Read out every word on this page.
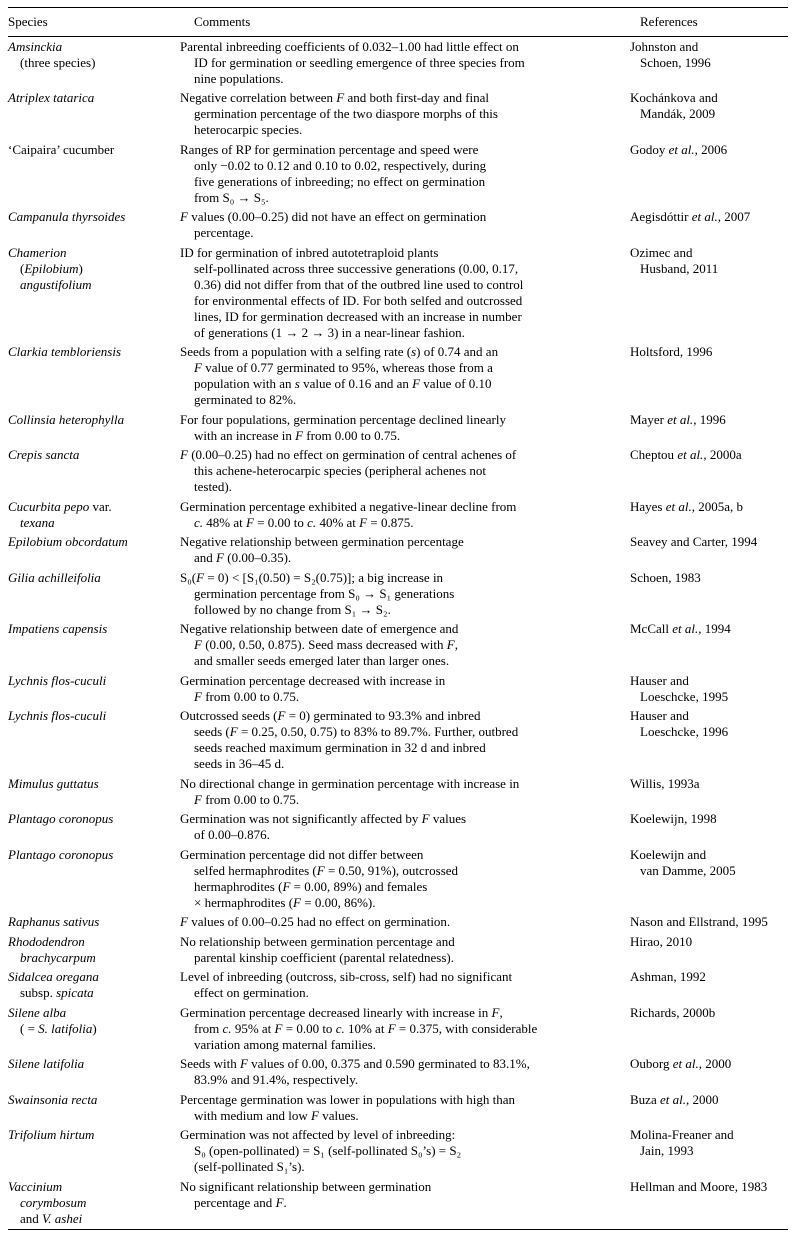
Species	Comments	References
Amsinckia
(three species)	Parental inbreeding coefficients of 0.032–1.00 had little effect on
ID for germination or seedling emergence of three species from
nine populations.	Johnston and
Schoen, 1996
Atriplex tatarica	Negative correlation between F and both first-day and final
germination percentage of the two diaspore morphs of this
heterocarpic species.	Kochánkova and
Mandák, 2009
‘Caipaira’ cucumber	Ranges of RP for germination percentage and speed were
only −0.02 to 0.12 and 0.10 to 0.02, respectively, during
five generations of inbreeding; no effect on germination
from S₀ → S₅.	Godoy et al., 2006
Campanula thyrsoides	F values (0.00–0.25) did not have an effect on germination
percentage.	Aegisdóttir et al., 2007
Chamerion
(Epilobium)
angustifolium	ID for germination of inbred autotetraploid plants
self-pollinated across three successive generations (0.00, 0.17,
0.36) did not differ from that of the outbred line used to control
for environmental effects of ID. For both selfed and outcrossed
lines, ID for germination decreased with an increase in number
of generations (1 → 2 → 3) in a near-linear fashion.	Ozimec and
Husband, 2011
Clarkia tembloriensis	Seeds from a population with a selfing rate (s) of 0.74 and an
F value of 0.77 germinated to 95%, whereas those from a
population with an s value of 0.16 and an F value of 0.10
germinated to 82%.	Holtsford, 1996
Collinsia heterophylla	For four populations, germination percentage declined linearly
with an increase in F from 0.00 to 0.75.	Mayer et al., 1996
Crepis sancta	F (0.00–0.25) had no effect on germination of central achenes of
this achene-heterocarpic species (peripheral achenes not
tested).	Cheptou et al., 2000a
Cucurbita pepo var.
texana	Germination percentage exhibited a negative-linear decline from
c. 48% at F = 0.00 to c. 40% at F = 0.875.	Hayes et al., 2005a, b
Epilobium obcordatum	Negative relationship between germination percentage
and F (0.00–0.35).	Seavey and Carter, 1994
Gilia achilleifolia	S₀(F = 0) < [S₁(0.50) = S₂(0.75)]; a big increase in
germination percentage from S₀ → S₁ generations
followed by no change from S₁ → S₂.	Schoen, 1983
Impatiens capensis	Negative relationship between date of emergence and
F (0.00, 0.50, 0.875). Seed mass decreased with F,
and smaller seeds emerged later than larger ones.	McCall et al., 1994
Lychnis flos-cuculi	Germination percentage decreased with increase in
F from 0.00 to 0.75.	Hauser and
Loeschcke, 1995
Lychnis flos-cuculi	Outcrossed seeds (F = 0) germinated to 93.3% and inbred
seeds (F = 0.25, 0.50, 0.75) to 83% to 89.7%. Further, outbred
seeds reached maximum germination in 32 d and inbred
seeds in 36–45 d.	Hauser and
Loeschcke, 1996
Mimulus guttatus	No directional change in germination percentage with increase in
F from 0.00 to 0.75.	Willis, 1993a
Plantago coronopus	Germination was not significantly affected by F values
of 0.00–0.876.	Koelewijn, 1998
Plantago coronopus	Germination percentage did not differ between
selfed hermaphrodites (F = 0.50, 91%), outcrossed
hermaphrodites (F = 0.00, 89%) and females
× hermaphrodites (F = 0.00, 86%).	Koelewijn and
van Damme, 2005
Raphanus sativus	F values of 0.00–0.25 had no effect on germination.	Nason and Ellstrand, 1995
Rhododendron
brachycarpum	No relationship between germination percentage and
parental kinship coefficient (parental relatedness).	Hirao, 2010
Sidalcea oregana
subsp. spicata	Level of inbreeding (outcross, sib-cross, self) had no significant
effect on germination.	Ashman, 1992
Silene alba
( = S. latifolia)	Germination percentage decreased linearly with increase in F,
from c. 95% at F = 0.00 to c. 10% at F = 0.375, with considerable
variation among maternal families.	Richards, 2000b
Silene latifolia	Seeds with F values of 0.00, 0.375 and 0.590 germinated to 83.1%,
83.9% and 91.4%, respectively.	Ouborg et al., 2000
Swainsonia recta	Percentage germination was lower in populations with high than
with medium and low F values.	Buza et al., 2000
Trifolium hirtum	Germination was not affected by level of inbreeding:
S₀ (open-pollinated) = S₁ (self-pollinated S₀’s) = S₂
(self-pollinated S₁’s).	Molina-Freaner and
Jain, 1993
Vaccinium
corymbosum
and V. ashei	No significant relationship between germination
percentage and F.	Hellman and Moore, 1983
